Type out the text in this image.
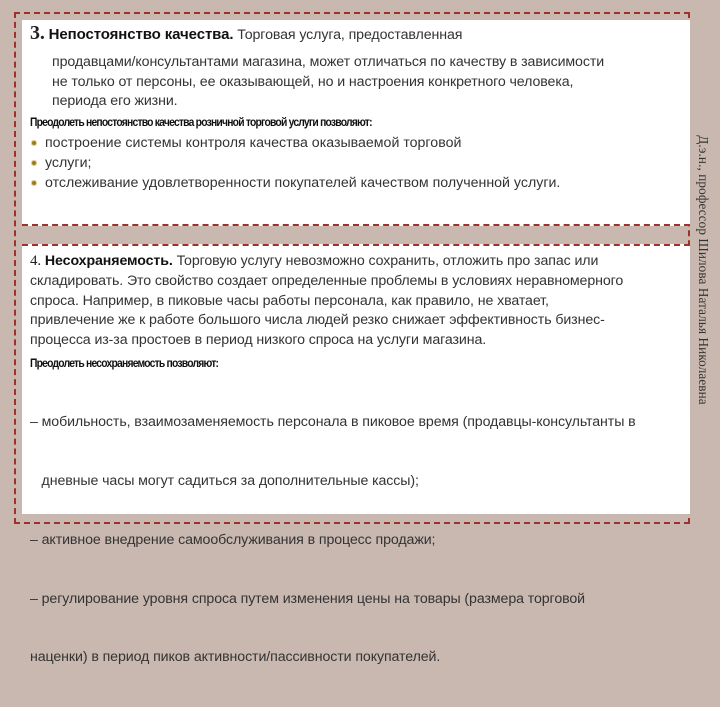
3. Непостоянство качества. Торговая услуга, предоставленная
продавцами/консультантами магазина, может отличаться по качеству в зависимости
не только от персоны, ее оказывающей, но и настроения конкретного человека,
периода его жизни.
Преодолеть непостоянство качества розничной торговой услуги позволяют:
построение системы контроля качества оказываемой торговой
услуги;
отслеживание удовлетворенности покупателей качеством полученной услуги.
4. Несохраняемость. Торговую услугу невозможно сохранить, отложить про запас или
складировать. Это свойство создает определенные проблемы в условиях неравномерного
спроса. Например, в пиковые часы работы персонала, как правило, не хватает,
привлечение же к работе большого числа людей резко снижает эффективность бизнес-
процесса из-за простоев в период низкого спроса на услуги магазина.
Преодолеть несохраняемость позволяют:

– мобильность, взаимозаменяемость персонала в пиковое время (продавцы-консультанты в

дневные часы могут садиться за дополнительные кассы);

– активное внедрение самообслуживания в процесс продажи;

– регулирование уровня спроса путем изменения цены на товары (размера торговой

наценки) в период пиков активности/пассивности покупателей.

Д.э.н., профессор Шилова Наталья Николаевна
